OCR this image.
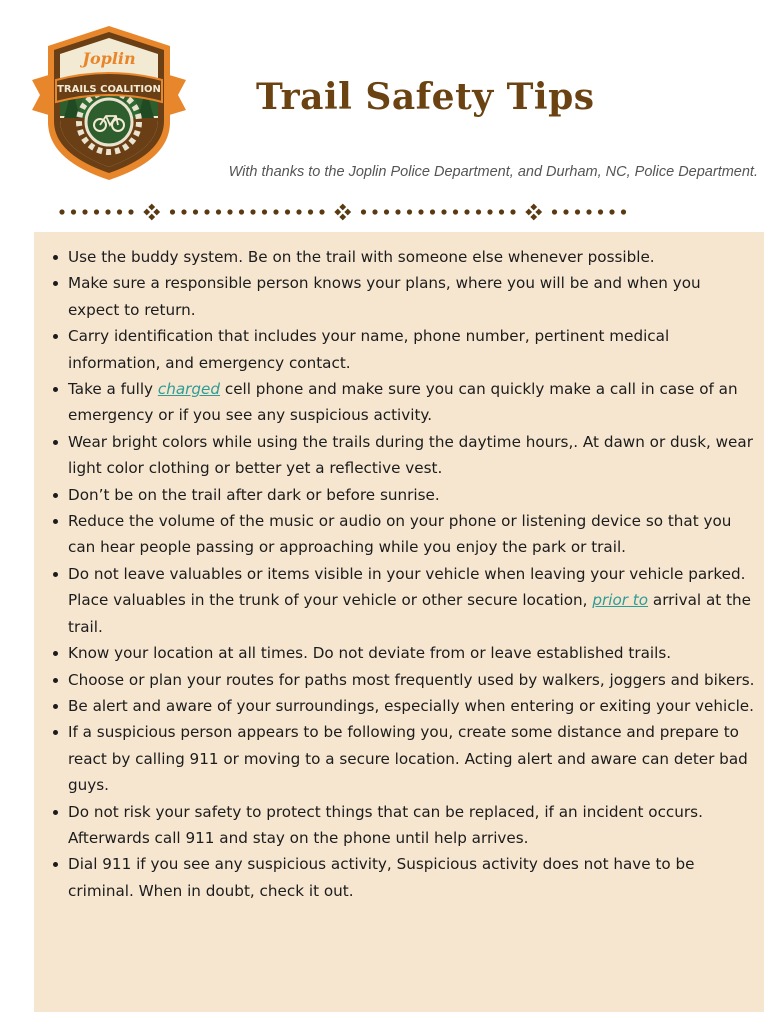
Joplin
TRAILS COALITION	Trail Safety Tips
With thanks to the Joplin Police Department, and Durham, NC, Police Department.
Use the buddy system. Be on the trail with someone else whenever possible.
Make sure a responsible person knows your plans, where you will be and when you expect to return.
Carry identification that includes your name, phone number, pertinent medical information, and emergency contact.
Take a fully charged cell phone and make sure you can quickly make a call in case of an emergency or if you see any suspicious activity.
Wear bright colors while using the trails during the daytime hours,. At dawn or dusk, wear light color clothing or better yet a reflective vest.
Don’t be on the trail after dark or before sunrise.
Reduce the volume of the music or audio on your phone or listening device so that you can hear people passing or approaching while you enjoy the park or trail.
Do not leave valuables or items visible in your vehicle when leaving your vehicle parked. Place valuables in the trunk of your vehicle or other secure location, prior to arrival at the trail.
Know your location at all times. Do not deviate from or leave established trails.
Choose or plan your routes for paths most frequently used by walkers, joggers and bikers.
Be alert and aware of your surroundings, especially when entering or exiting your vehicle.
If a suspicious person appears to be following you, create some distance and prepare to react by calling 911 or moving to a secure location. Acting alert and aware can deter bad guys.
Do not risk your safety to protect things that can be replaced, if an incident occurs. Afterwards call 911 and stay on the phone until help arrives.
Dial 911 if you see any suspicious activity, Suspicious activity does not have to be criminal. When in doubt, check it out.
